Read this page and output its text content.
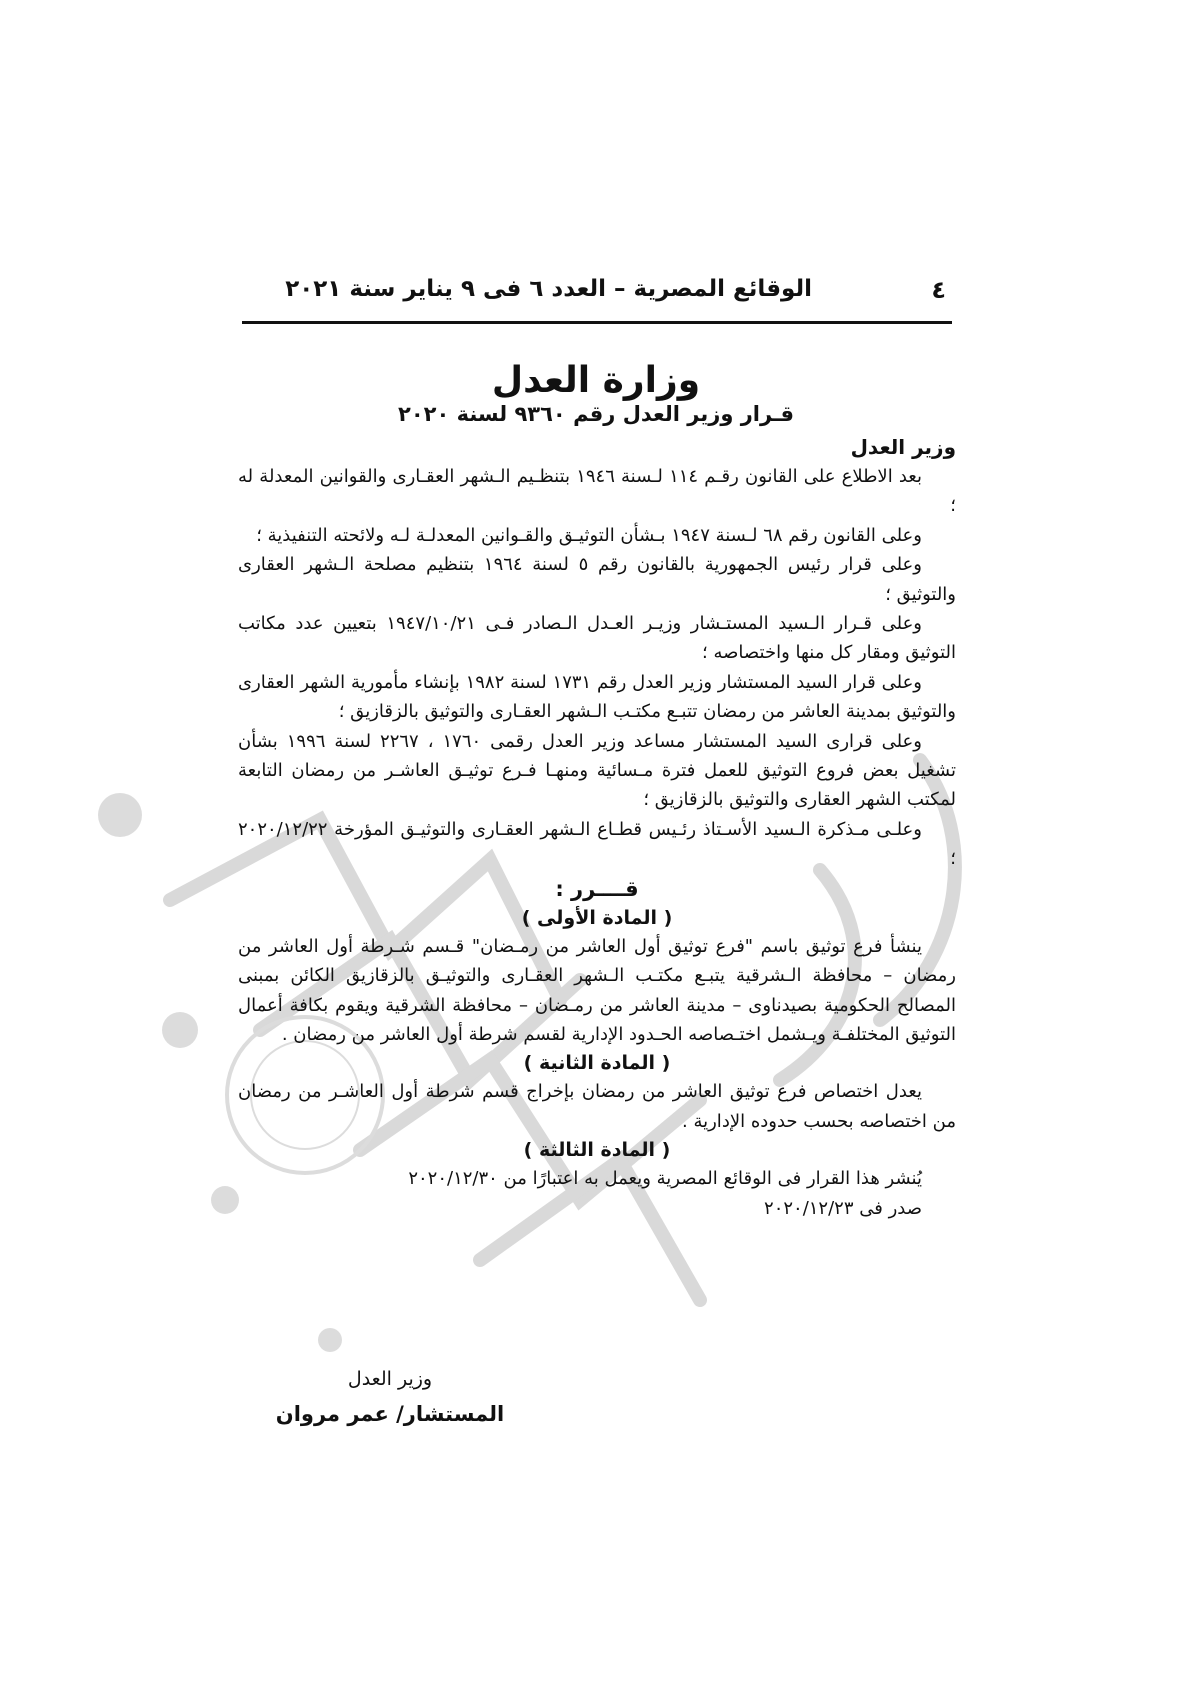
٤
الوقائع المصرية – العدد ٦ فى ٩ يناير سنة ٢٠٢١
وزارة العدل
قـرار وزير العدل رقم ٩٣٦٠ لسنة ٢٠٢٠
وزير العدل

بعد الاطلاع على القانون رقـم ١١٤ لـسنة ١٩٤٦ بتنظـيم الـشهر العقـارى والقوانين المعدلة له ؛

وعلى القانون رقم ٦٨ لـسنة ١٩٤٧ بـشأن التوثيـق والقـوانين المعدلـة لـه ولائحته التنفيذية ؛

وعلى قرار رئيس الجمهورية بالقانون رقم ٥ لسنة ١٩٦٤ بتنظيم مصلحة الـشهر العقارى والتوثيق ؛

وعلى قـرار الـسيد المستـشار وزيـر العـدل الـصادر فـى ١٩٤٧/١٠/٢١ بتعيين عدد مكاتب التوثيق ومقار كل منها واختصاصه ؛

وعلى قرار السيد المستشار وزير العدل رقم ١٧٣١ لسنة ١٩٨٢ بإنشاء مأمورية الشهر العقارى والتوثيق بمدينة العاشر من رمضان تتبـع مكتـب الـشهر العقـارى والتوثيق بالزقازيق ؛

وعلى قرارى السيد المستشار مساعد وزير العدل رقمى ١٧٦٠ ، ٢٢٦٧ لسنة ١٩٩٦ بشأن تشغيل بعض فروع التوثيق للعمل فترة مـسائية ومنهـا فـرع توثيـق العاشـر من رمضان التابعة لمكتب الشهر العقارى والتوثيق بالزقازيق ؛

وعلـى مـذكرة الـسيد الأسـتاذ رئـيس قطـاع الـشهر العقـارى والتوثيـق المؤرخة ٢٠٢٠/١٢/٢٢ ؛

قــــرر :
( المادة الأولى )

ينشأ فرع توثيق باسم "فرع توثيق أول العاشر من رمـضان" قـسم شـرطة أول العاشر من رمضان – محافظة الـشرقية يتبـع مكتـب الـشهر العقـارى والتوثيـق بالزقازيق الكائن بمبنى المصالح الحكومية بصيدناوى – مدينة العاشر من رمـضان – محافظة الشرقية ويقوم بكافة أعمال التوثيق المختلفـة ويـشمل اختـصاصه الحـدود الإدارية لقسم شرطة أول العاشر من رمضان .

( المادة الثانية )

يعدل اختصاص فرع توثيق العاشر من رمضان بإخراج قسم شرطة أول العاشـر من رمضان من اختصاصه بحسب حدوده الإدارية .

( المادة الثالثة )

يُنشر هذا القرار فى الوقائع المصرية ويعمل به اعتبارًا من ٢٠٢٠/١٢/٣٠

صدر فى ٢٠٢٠/١٢/٢٣

وزير العدل
المستشار/ عمر مروان
